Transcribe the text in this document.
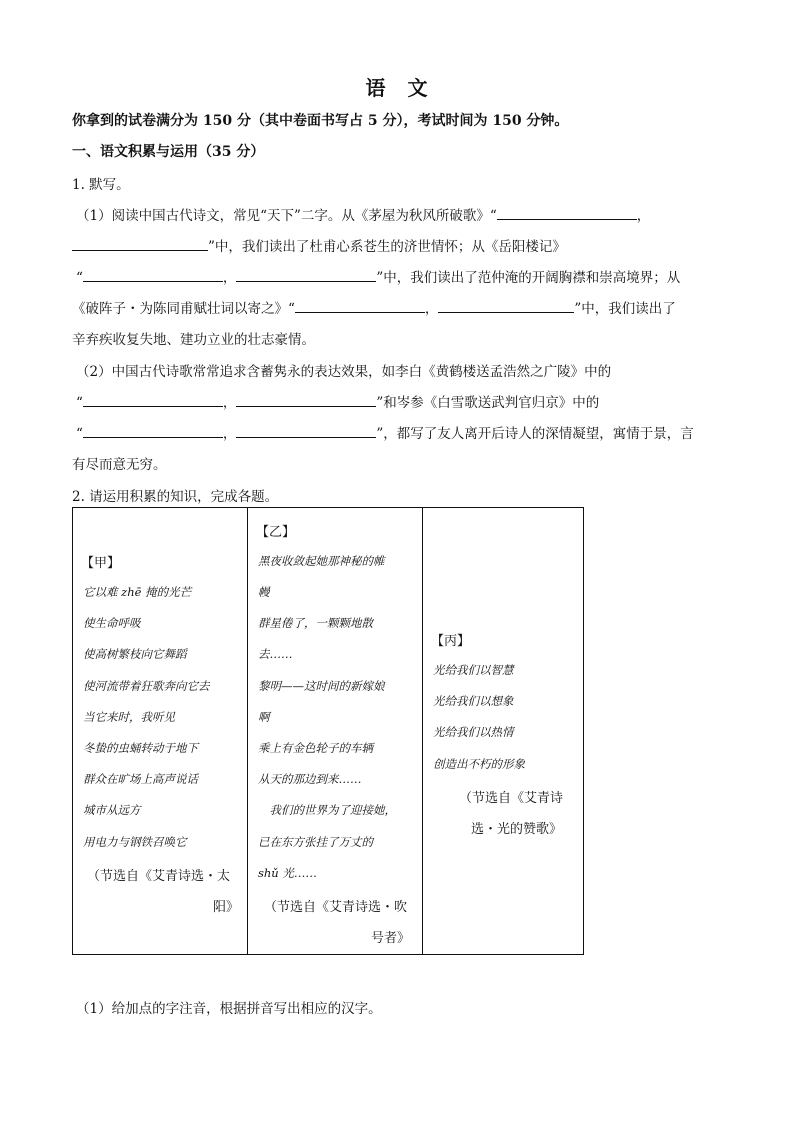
语　文
你拿到的试卷满分为 150 分（其中卷面书写占 5 分），考试时间为 150 分钟。
一、语文积累与运用（35 分）
1. 默写。
（1）阅读中国古代诗文，常见“天下”二字。从《茅屋为秋风所破歌》“	，
”中，我们读出了杜甫心系苍生的济世情怀；从《岳阳楼记》
“	，	”中，我们读出了范仲淹的开阔胸襟和崇高境界；从
《破阵子・为陈同甫赋壮词以寄之》“	，	”中，我们读出了
辛弃疾收复失地、建功立业的壮志豪情。
（2）中国古代诗歌常常追求含蓄隽永的表达效果，如李白《黄鹤楼送孟浩然之广陵》中的
“	，	”和岑参《白雪歌送武判官归京》中的
“	，	”，都写了友人离开后诗人的深情凝望，寓情于景，言
有尽而意无穷。
2. 请运用积累的知识，完成各题。
【甲】
它以难 zhē 掩的光芒
使生命呼吸
使高树繁枝向它舞蹈
使河流带着狂歌奔向它去
当它来时，我听见
冬蛰的虫蛹转动于地下
群众在旷场上高声说话
城市从远方
用电力与钢铁召唤它
（节选自《艾青诗选・太
阳》

【乙】
黑夜收敛起她那神秘的帷
幔
群星倦了，一颗颗地散
去……
黎明——这时间的新嫁娘
啊
乘上有金色轮子的车辆
从天的那边到来……
　我们的世界为了迎接她，
已在东方张挂了万丈的
shǔ 光……
（节选自《艾青诗选・吹
号者》

【丙】
光给我们以智慧
光给我们以想象
光给我们以热情
创造出不朽的形象
（节选自《艾青诗
选・光的赞歌》
（1）给加点的字注音，根据拼音写出相应的汉字。
